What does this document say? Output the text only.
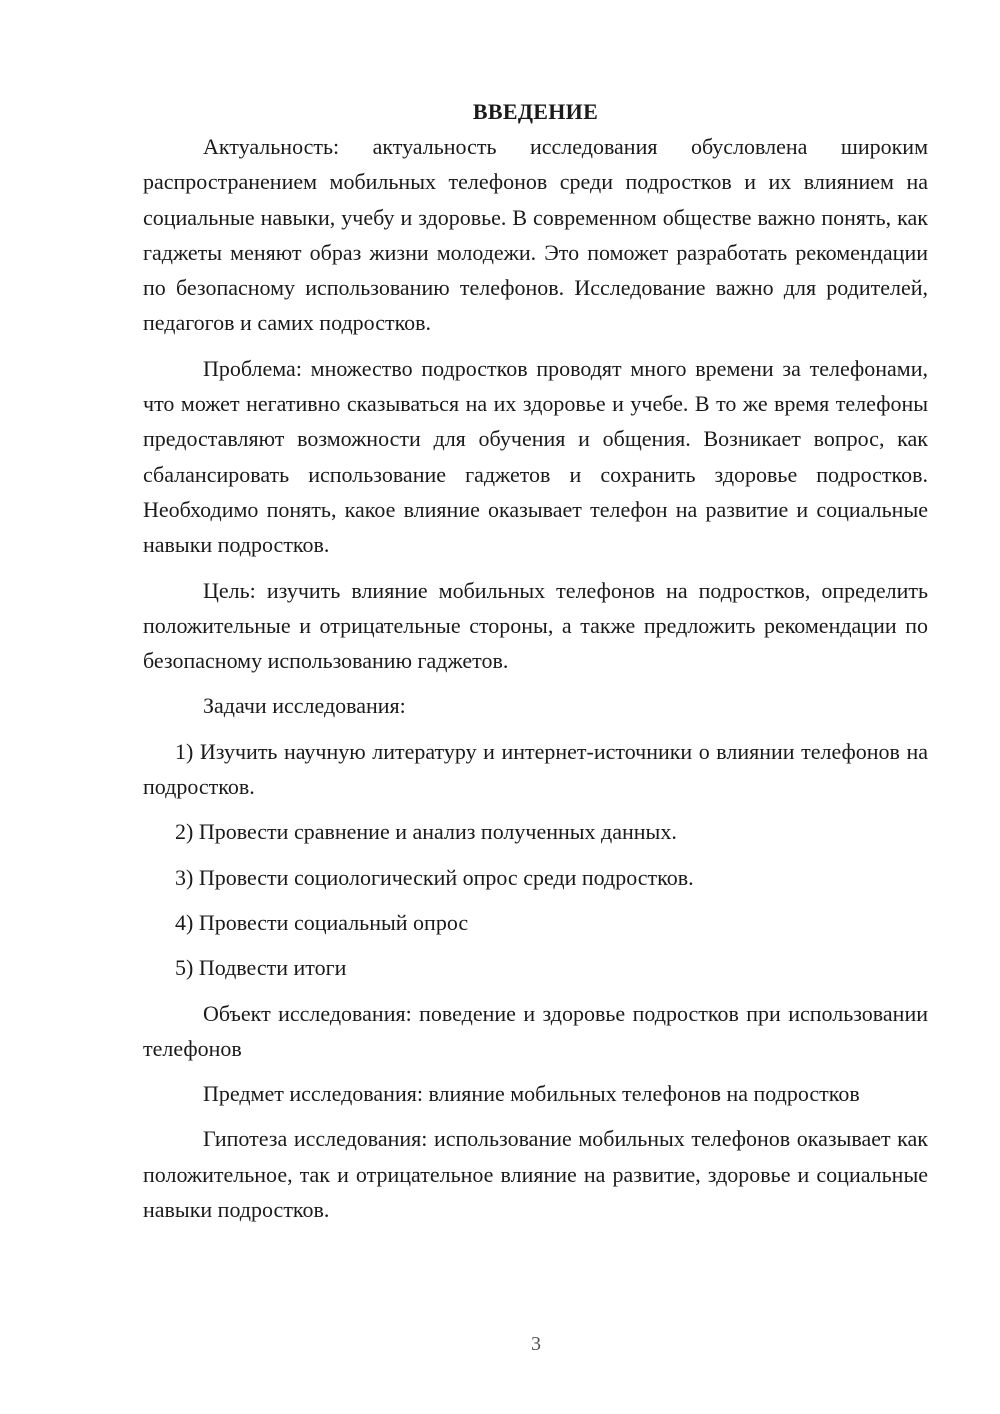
ВВЕДЕНИЕ

Актуальность: актуальность исследования обусловлена широким распространением мобильных телефонов среди подростков и их влиянием на социальные навыки, учебу и здоровье. В современном обществе важно понять, как гаджеты меняют образ жизни молодежи. Это поможет разработать рекомендации по безопасному использованию телефонов. Исследование важно для родителей, педагогов и самих подростков.

Проблема: множество подростков проводят много времени за телефонами, что может негативно сказываться на их здоровье и учебе. В то же время телефоны предоставляют возможности для обучения и общения. Возникает вопрос, как сбалансировать использование гаджетов и сохранить здоровье подростков. Необходимо понять, какое влияние оказывает телефон на развитие и социальные навыки подростков.

Цель: изучить влияние мобильных телефонов на подростков, определить положительные и отрицательные стороны, а также предложить рекомендации по безопасному использованию гаджетов.

Задачи исследования:

1) Изучить научную литературу и интернет-источники о влиянии телефонов на подростков.

2) Провести сравнение и анализ полученных данных.

3) Провести социологический опрос среди подростков.

4) Провести социальный опрос

5) Подвести итоги

Объект исследования: поведение и здоровье подростков при использовании телефонов

Предмет исследования: влияние мобильных телефонов на подростков

Гипотеза исследования: использование мобильных телефонов оказывает как положительное, так и отрицательное влияние на развитие, здоровье и социальные навыки подростков.

3
